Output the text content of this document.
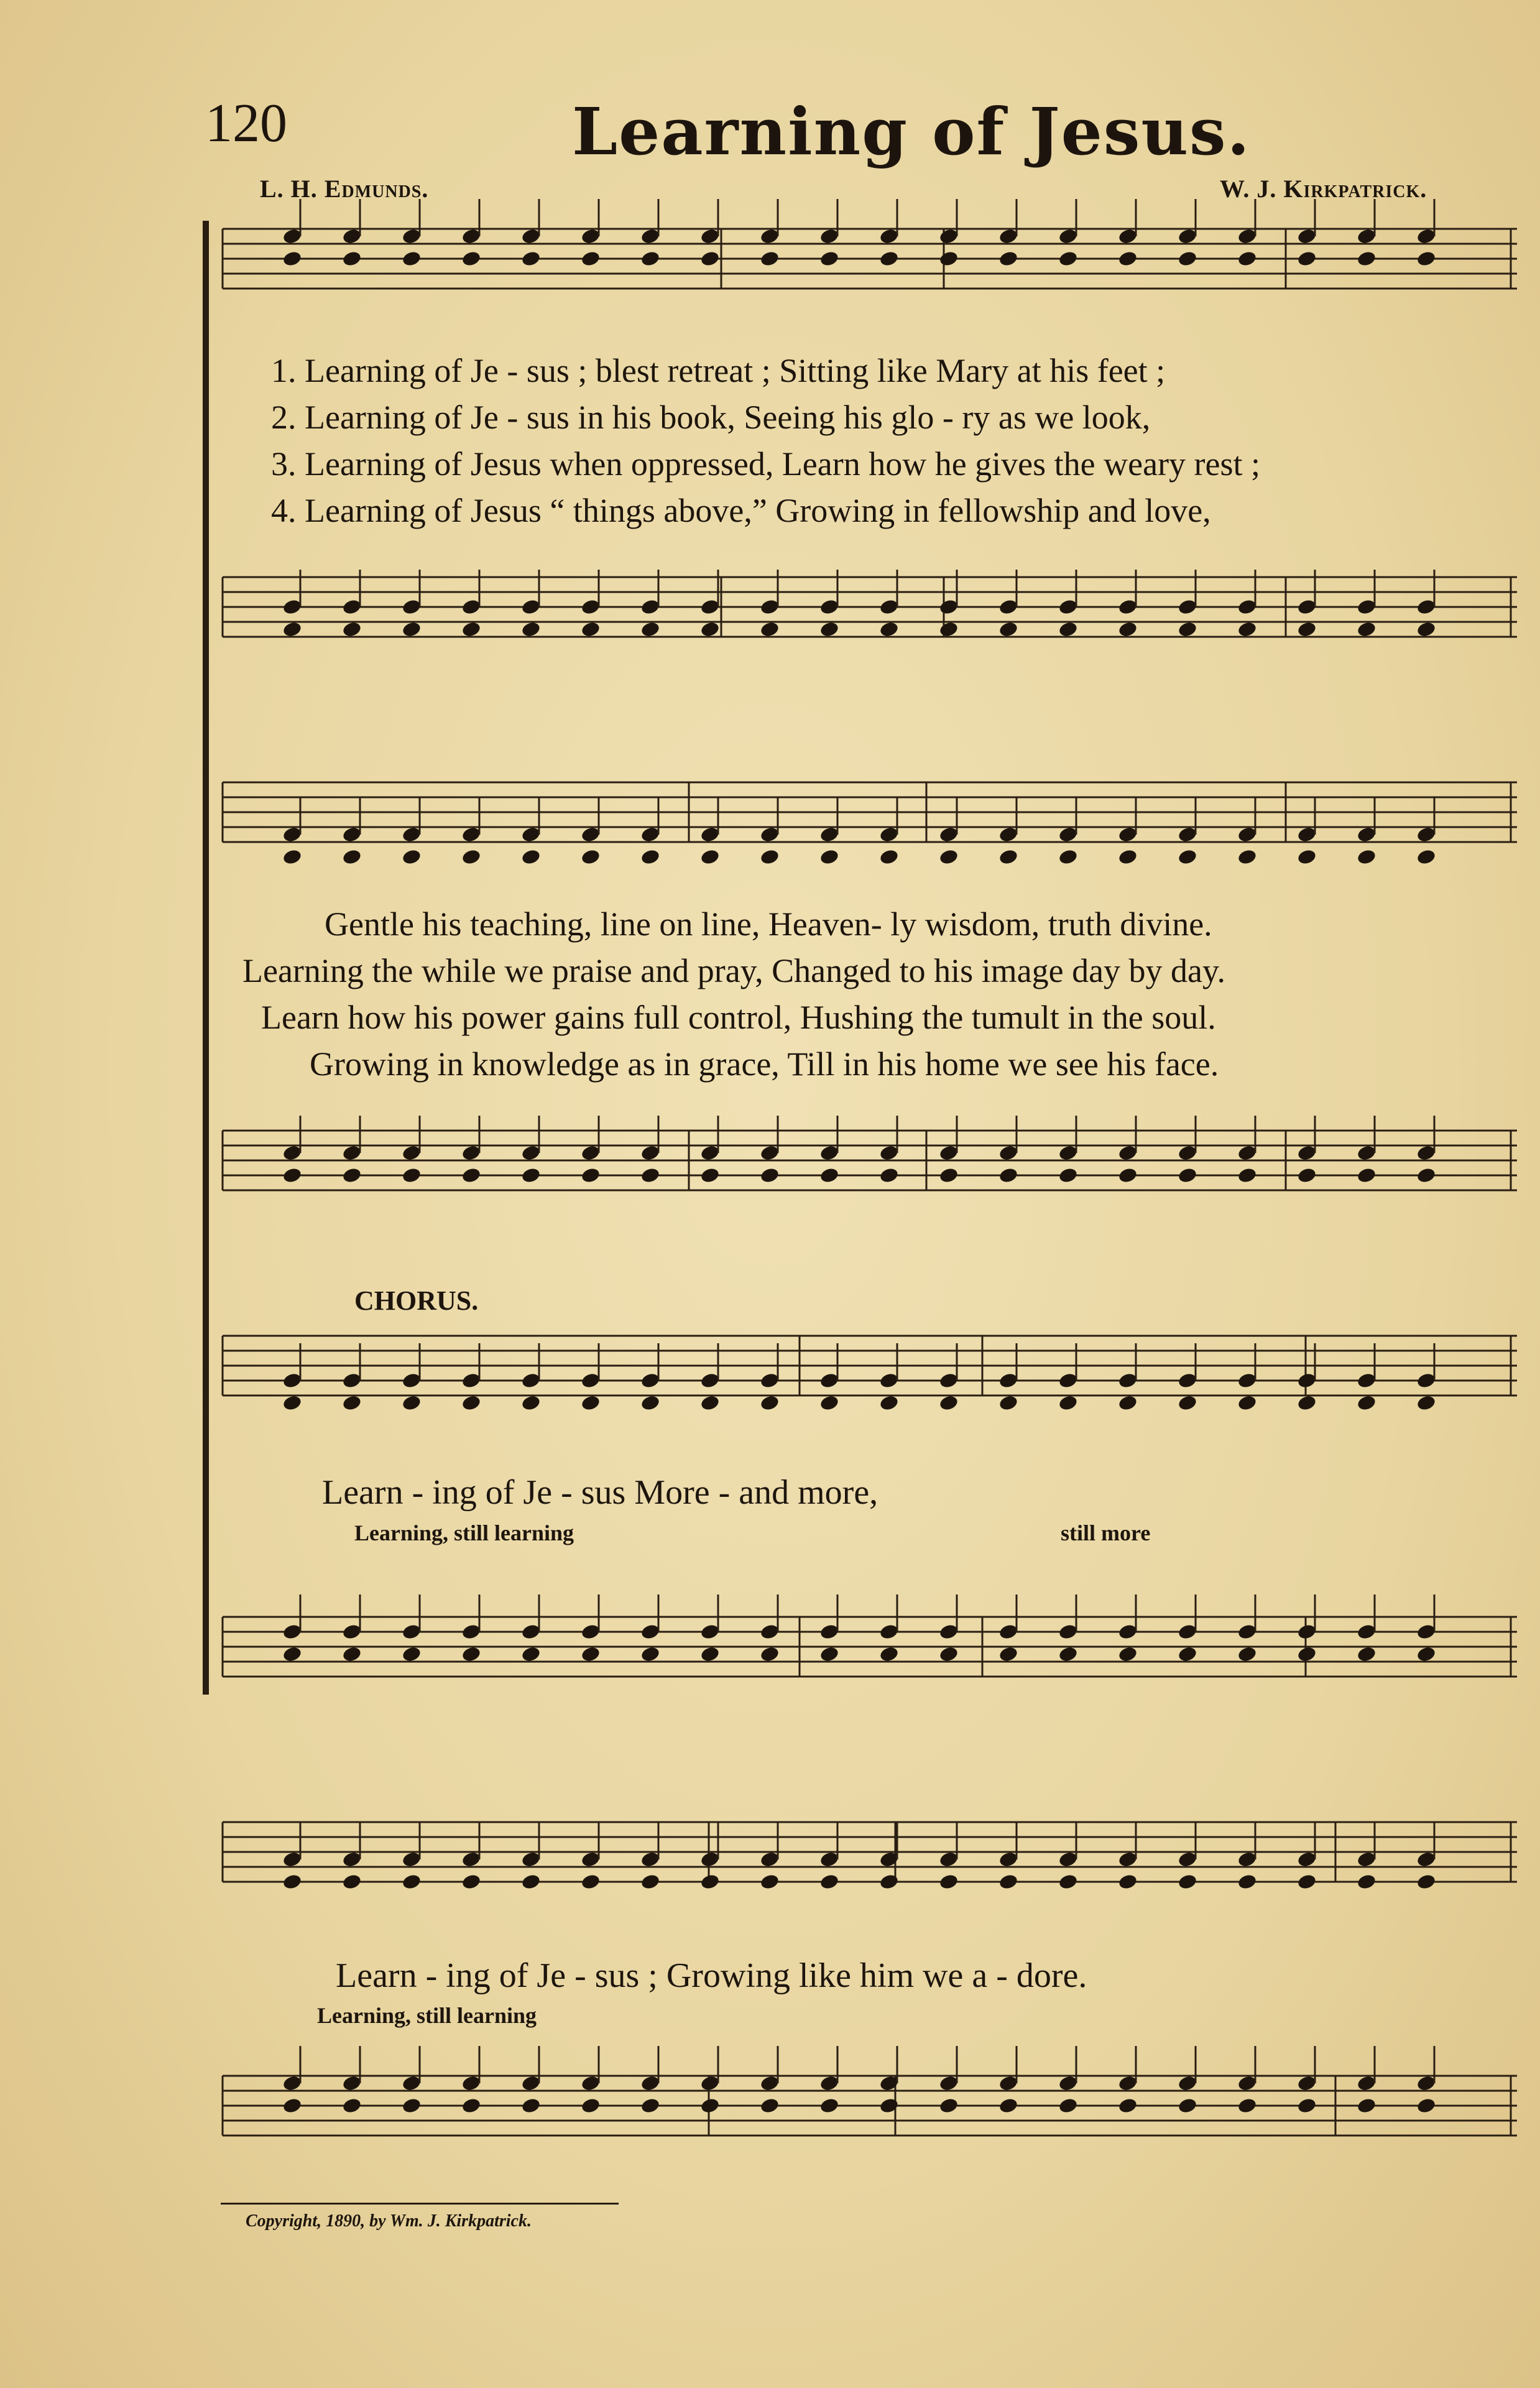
120	Learning of Jesus.
L. H. Edmunds.	W. J. Kirkpatrick.
1. Learning of Je - sus ; blest retreat ; Sitting like Mary at his feet ;
2. Learning of Je - sus in his book, Seeing his glo - ry as we look,
3. Learning of Jesus when oppressed, Learn how he gives the weary rest ;
4. Learning of Jesus “ things above,” Growing in fellowship and love,
Gentle his teaching, line on line, Heaven- ly wisdom, truth divine.
Learning the while we praise and pray, Changed to his image day by day.
Learn how his power gains full control, Hushing the tumult in the soul.
Growing in knowledge as in grace, Till in his home we see his face.
CHORUS.
Learn - ing of Je - sus More - and more,
Learning, still learning	still more
Learn - ing of Je - sus ; Growing like him we a - dore.
Learning, still learning
Copyright, 1890, by Wm. J. Kirkpatrick.
